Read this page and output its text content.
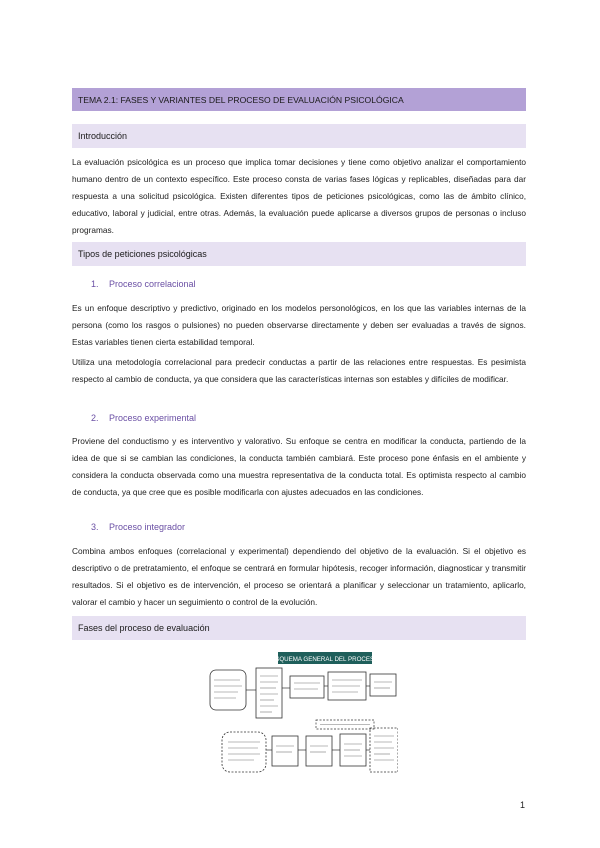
TEMA 2.1: FASES Y VARIANTES DEL PROCESO DE EVALUACIÓN PSICOLÓGICA
Introducción

La evaluación psicológica es un proceso que implica tomar decisiones y tiene como objetivo analizar el comportamiento humano dentro de un contexto específico. Este proceso consta de varias fases lógicas y replicables, diseñadas para dar respuesta a una solicitud psicológica. Existen diferentes tipos de peticiones psicológicas, como las de ámbito clínico, educativo, laboral y judicial, entre otras. Además, la evaluación puede aplicarse a diversos grupos de personas o incluso programas.

Tipos de peticiones psicológicas
1. Proceso correlacional

Es un enfoque descriptivo y predictivo, originado en los modelos personológicos, en los que las variables internas de la persona (como los rasgos o pulsiones) no pueden observarse directamente y deben ser evaluadas a través de signos. Estas variables tienen cierta estabilidad temporal.

Utiliza una metodología correlacional para predecir conductas a partir de las relaciones entre respuestas. Es pesimista respecto al cambio de conducta, ya que considera que las características internas son estables y difíciles de modificar.

2. Proceso experimental

Proviene del conductismo y es interventivo y valorativo. Su enfoque se centra en modificar la conducta, partiendo de la idea de que si se cambian las condiciones, la conducta también cambiará. Este proceso pone énfasis en el ambiente y considera la conducta observada como una muestra representativa de la conducta total. Es optimista respecto al cambio de conducta, ya que cree que es posible modificarla con ajustes adecuados en las condiciones.

3. Proceso integrador

Combina ambos enfoques (correlacional y experimental) dependiendo del objetivo de la evaluación. Si el objetivo es descriptivo o de pretratamiento, el enfoque se centrará en formular hipótesis, recoger información, diagnosticar y transmitir resultados. Si el objetivo es de intervención, el proceso se orientará a planificar y seleccionar un tratamiento, aplicarlo, valorar el cambio y hacer un seguimiento o control de la evolución.

Fases del proceso de evaluación
ESQUEMA GENERAL DEL PROCESO
1
